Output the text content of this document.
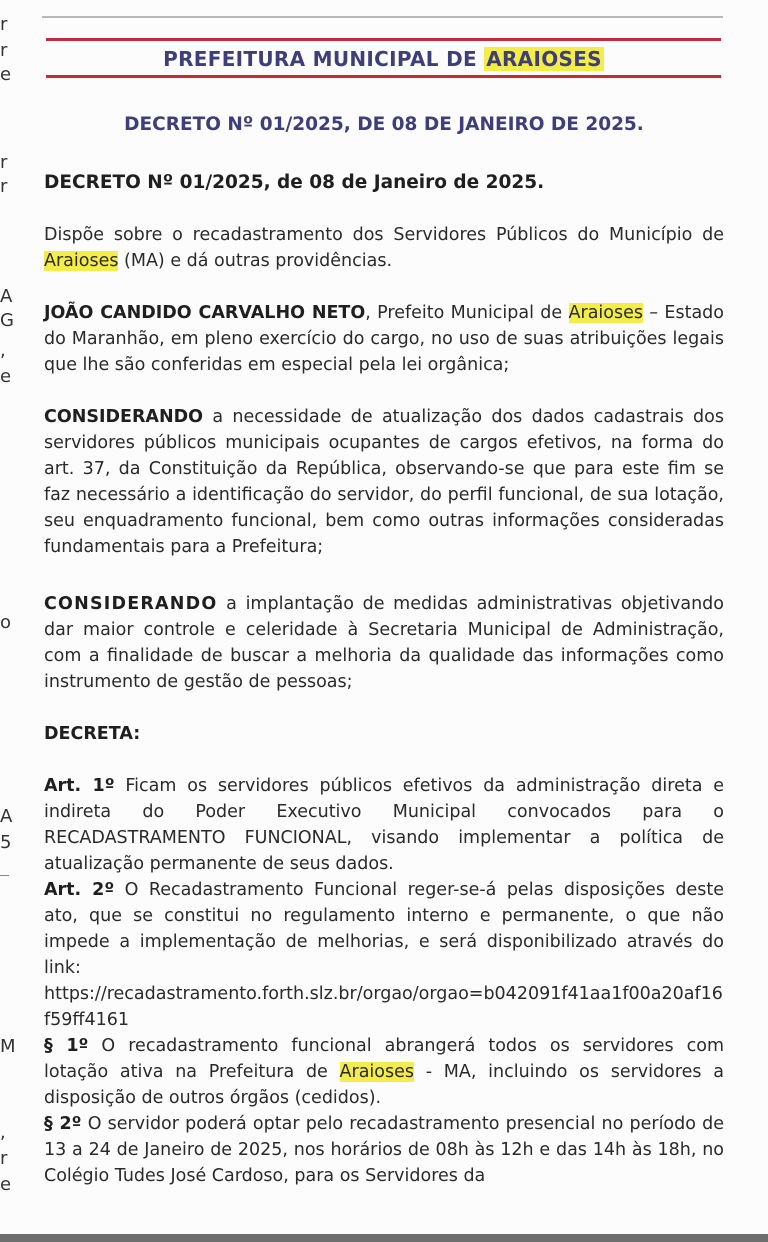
r
r
e
r
r
A
G
,
e
o
A
5
M
,
r
e
PREFEITURA MUNICIPAL DE ARAIOSES
DECRETO Nº 01/2025, DE 08 DE JANEIRO DE 2025.

DECRETO Nº 01/2025, de 08 de Janeiro de 2025.

Dispõe sobre o recadastramento dos Servidores Públicos do Município de Araioses (MA) e dá outras providências.

JOÃO CANDIDO CARVALHO NETO, Prefeito Municipal de Araioses – Estado do Maranhão, em pleno exercício do cargo, no uso de suas atribuições legais que lhe são conferidas em especial pela lei orgânica;

CONSIDERANDO a necessidade de atualização dos dados cadastrais dos servidores públicos municipais ocupantes de cargos efetivos, na forma do art. 37, da Constituição da República, observando-se que para este fim se faz necessário a identificação do servidor, do perfil funcional, de sua lotação, seu enquadramento funcional, bem como outras informações consideradas fundamentais para a Prefeitura;

CONSIDERANDO a implantação de medidas administrativas objetivando dar maior controle e celeridade à Secretaria Municipal de Administração, com a finalidade de buscar a melhoria da qualidade das informações como instrumento de gestão de pessoas;

DECRETA:

Art. 1º Ficam os servidores públicos efetivos da administração direta e indireta do Poder Executivo Municipal convocados para o RECADASTRAMENTO FUNCIONAL, visando implementar a política de atualização permanente de seus dados.

Art. 2º O Recadastramento Funcional reger-se-á pelas disposições deste ato, que se constitui no regulamento interno e permanente, o que não impede a implementação de melhorias, e será disponibilizado através do link:

https://recadastramento.forth.slz.br/orgao/orgao=b042091f41aa1f00a20af16f59ff4161

§ 1º O recadastramento funcional abrangerá todos os servidores com lotação ativa na Prefeitura de Araioses - MA, incluindo os servidores a disposição de outros órgãos (cedidos).

§ 2º O servidor poderá optar pelo recadastramento presencial no período de 13 a 24 de Janeiro de 2025, nos horários de 08h às 12h e das 14h às 18h, no Colégio Tudes José Cardoso, para os Servidores da
